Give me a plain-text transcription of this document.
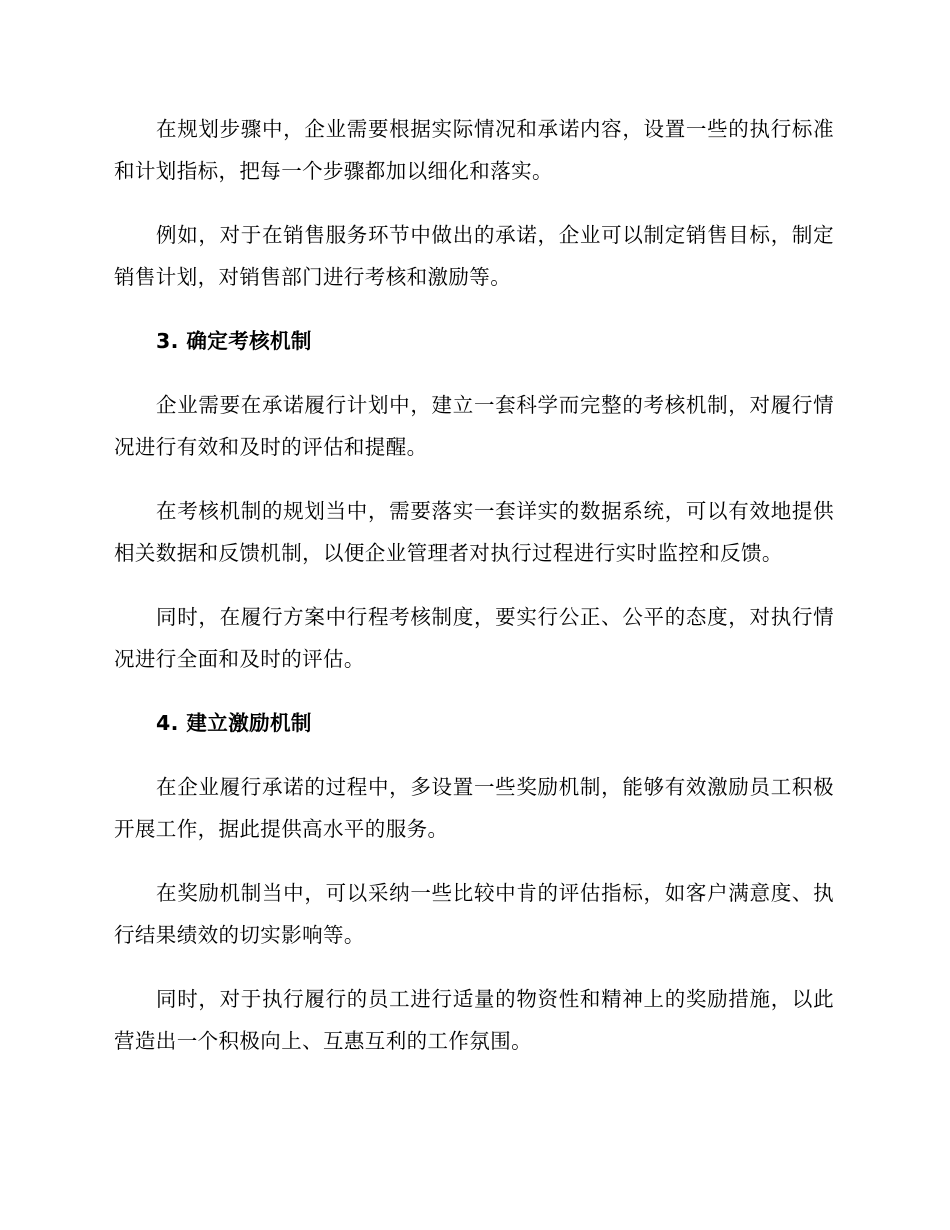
在规划步骤中，企业需要根据实际情况和承诺内容，设置一些的执行标准和计划指标，把每一个步骤都加以细化和落实。

例如，对于在销售服务环节中做出的承诺，企业可以制定销售目标，制定销售计划，对销售部门进行考核和激励等。

3. 确定考核机制

企业需要在承诺履行计划中，建立一套科学而完整的考核机制，对履行情况进行有效和及时的评估和提醒。

在考核机制的规划当中，需要落实一套详实的数据系统，可以有效地提供相关数据和反馈机制，以便企业管理者对执行过程进行实时监控和反馈。

同时，在履行方案中行程考核制度，要实行公正、公平的态度，对执行情况进行全面和及时的评估。

4. 建立激励机制

在企业履行承诺的过程中，多设置一些奖励机制，能够有效激励员工积极开展工作，据此提供高水平的服务。

在奖励机制当中，可以采纳一些比较中肯的评估指标，如客户满意度、执行结果绩效的切实影响等。

同时，对于执行履行的员工进行适量的物资性和精神上的奖励措施，以此营造出一个积极向上、互惠互利的工作氛围。
